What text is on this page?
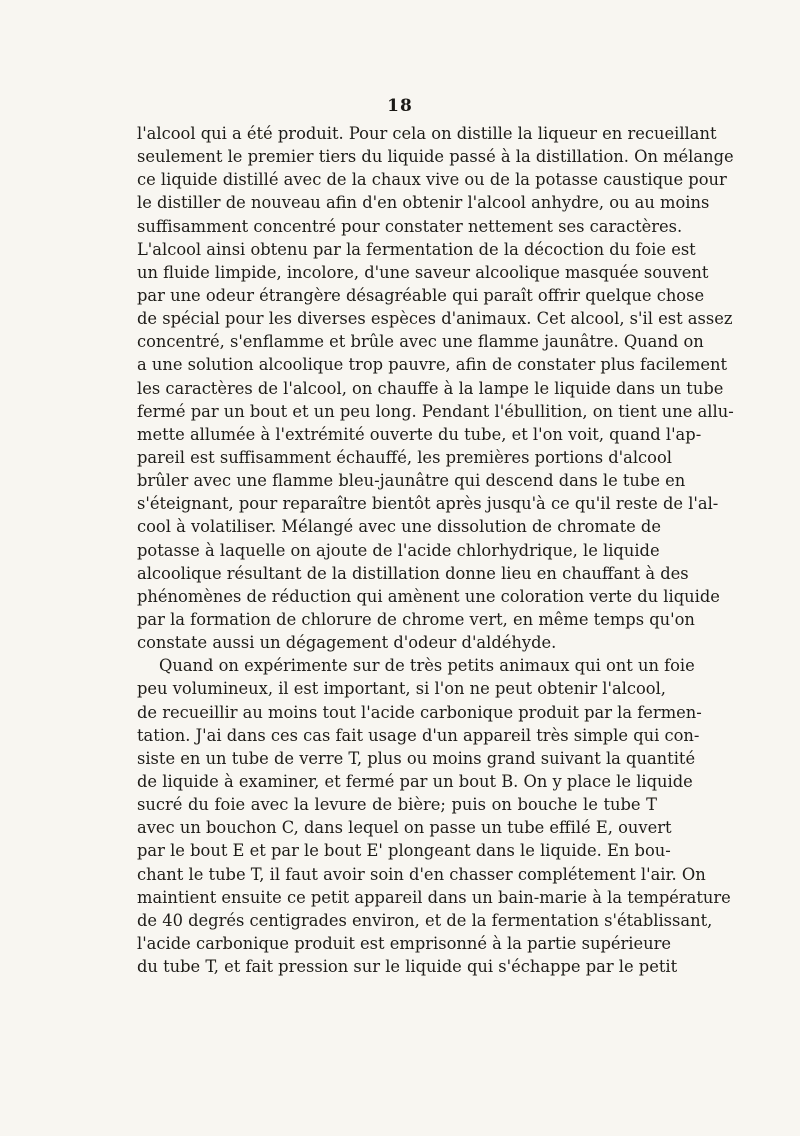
18
l'alcool qui a été produit. Pour cela on distille la liqueur en recueillant
seulement le premier tiers du liquide passé à la distillation. On mélange
ce liquide distillé avec de la chaux vive ou de la potasse caustique pour
le distiller de nouveau afin d'en obtenir l'alcool anhydre, ou au moins
suffisamment concentré pour constater nettement ses caractères.
L'alcool ainsi obtenu par la fermentation de la décoction du foie est
un fluide limpide, incolore, d'une saveur alcoolique masquée souvent
par une odeur étrangère désagréable qui paraît offrir quelque chose
de spécial pour les diverses espèces d'animaux. Cet alcool, s'il est assez
concentré, s'enflamme et brûle avec une flamme jaunâtre. Quand on
a une solution alcoolique trop pauvre, afin de constater plus facilement
les caractères de l'alcool, on chauffe à la lampe le liquide dans un tube
fermé par un bout et un peu long. Pendant l'ébullition, on tient une allu-
mette allumée à l'extrémité ouverte du tube, et l'on voit, quand l'ap-
pareil est suffisamment échauffé, les premières portions d'alcool
brûler avec une flamme bleu-jaunâtre qui descend dans le tube en
s'éteignant, pour reparaître bientôt après jusqu'à ce qu'il reste de l'al-
cool à volatiliser. Mélangé avec une dissolution de chromate de
potasse à laquelle on ajoute de l'acide chlorhydrique, le liquide
alcoolique résultant de la distillation donne lieu en chauffant à des
phénomènes de réduction qui amènent une coloration verte du liquide
par la formation de chlorure de chrome vert, en même temps qu'on
constate aussi un dégagement d'odeur d'aldéhyde.
Quand on expérimente sur de très petits animaux qui ont un foie
peu volumineux, il est important, si l'on ne peut obtenir l'alcool,
de recueillir au moins tout l'acide carbonique produit par la fermen-
tation. J'ai dans ces cas fait usage d'un appareil très simple qui con-
siste en un tube de verre T, plus ou moins grand suivant la quantité
de liquide à examiner, et fermé par un bout B. On y place le liquide
sucré du foie avec la levure de bière; puis on bouche le tube T
avec un bouchon C, dans lequel on passe un tube effilé E, ouvert
par le bout E et par le bout E' plongeant dans le liquide. En bou-
chant le tube T, il faut avoir soin d'en chasser complétement l'air. On
maintient ensuite ce petit appareil dans un bain-marie à la température
de 40 degrés centigrades environ, et de la fermentation s'établissant,
l'acide carbonique produit est emprisonné à la partie supérieure
du tube T, et fait pression sur le liquide qui s'échappe par le petit
